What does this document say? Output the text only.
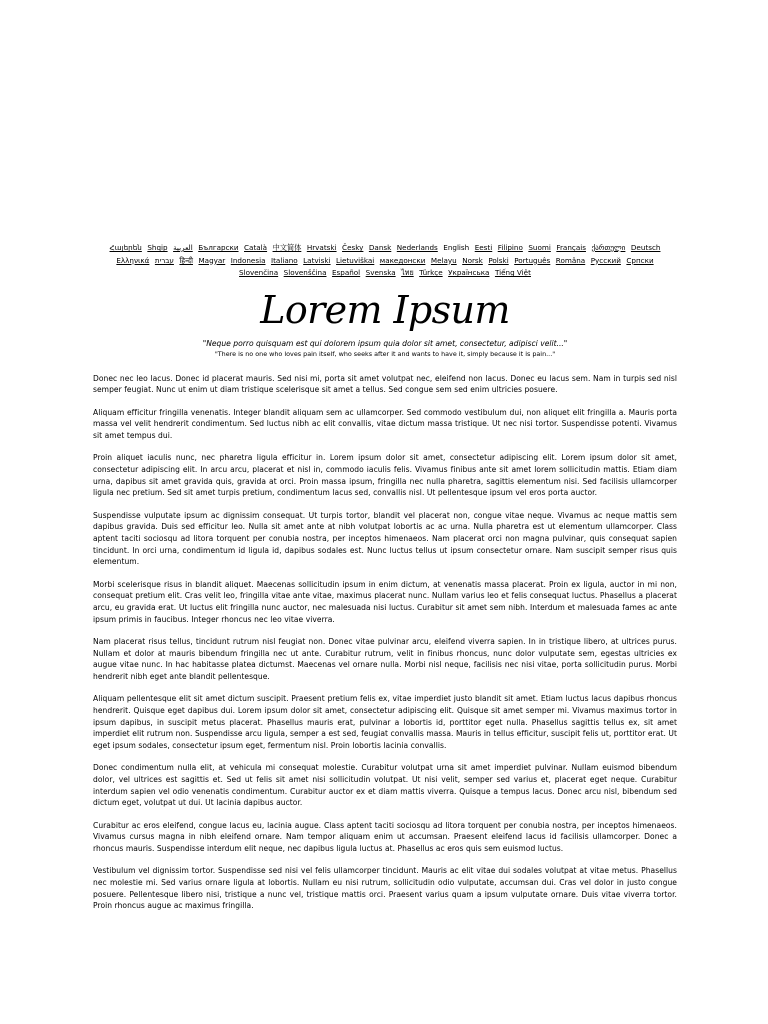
Հայերեն Shqip العربية Български Català 中文简体 Hrvatski Česky Dansk Nederlands English Eesti Filipino Suomi Français ქართული Deutsch Ελληνικά עברית हिन्दी Magyar Indonesia Italiano Latviski Lietuviškai македонски Melayu Norsk Polski Português Româna Pyccкий Српски Slovenčina Slovenščina Español Svenska ไทย Türkçe Українська Tiếng Việt

Lorem Ipsum

"Neque porro quisquam est qui dolorem ipsum quia dolor sit amet, consectetur, adipisci velit..."

"There is no one who loves pain itself, who seeks after it and wants to have it, simply because it is pain..."

Donec nec leo lacus. Donec id placerat mauris. Sed nisi mi, porta sit amet volutpat nec, eleifend non lacus. Donec eu lacus sem. Nam in turpis sed nisl semper feugiat. Nunc ut enim ut diam tristique scelerisque sit amet a tellus. Sed congue sem sed enim ultricies posuere.

Aliquam efficitur fringilla venenatis. Integer blandit aliquam sem ac ullamcorper. Sed commodo vestibulum dui, non aliquet elit fringilla a. Mauris porta massa vel velit hendrerit condimentum. Sed luctus nibh ac elit convallis, vitae dictum massa tristique. Ut nec nisi tortor. Suspendisse potenti. Vivamus sit amet tempus dui.

Proin aliquet iaculis nunc, nec pharetra ligula efficitur in. Lorem ipsum dolor sit amet, consectetur adipiscing elit. Lorem ipsum dolor sit amet, consectetur adipiscing elit. In arcu arcu, placerat et nisl in, commodo iaculis felis. Vivamus finibus ante sit amet lorem sollicitudin mattis. Etiam diam urna, dapibus sit amet gravida quis, gravida at orci. Proin massa ipsum, fringilla nec nulla pharetra, sagittis elementum nisi. Sed facilisis ullamcorper ligula nec pretium. Sed sit amet turpis pretium, condimentum lacus sed, convallis nisl. Ut pellentesque ipsum vel eros porta auctor.

Suspendisse vulputate ipsum ac dignissim consequat. Ut turpis tortor, blandit vel placerat non, congue vitae neque. Vivamus ac neque mattis sem dapibus gravida. Duis sed efficitur leo. Nulla sit amet ante at nibh volutpat lobortis ac ac urna. Nulla pharetra est ut elementum ullamcorper. Class aptent taciti sociosqu ad litora torquent per conubia nostra, per inceptos himenaeos. Nam placerat orci non magna pulvinar, quis consequat sapien tincidunt. In orci urna, condimentum id ligula id, dapibus sodales est. Nunc luctus tellus ut ipsum consectetur ornare. Nam suscipit semper risus quis elementum.

Morbi scelerisque risus in blandit aliquet. Maecenas sollicitudin ipsum in enim dictum, at venenatis massa placerat. Proin ex ligula, auctor in mi non, consequat pretium elit. Cras velit leo, fringilla vitae ante vitae, maximus placerat nunc. Nullam varius leo et felis consequat luctus. Phasellus a placerat arcu, eu gravida erat. Ut luctus elit fringilla nunc auctor, nec malesuada nisi luctus. Curabitur sit amet sem nibh. Interdum et malesuada fames ac ante ipsum primis in faucibus. Integer rhoncus nec leo vitae viverra.

Nam placerat risus tellus, tincidunt rutrum nisl feugiat non. Donec vitae pulvinar arcu, eleifend viverra sapien. In in tristique libero, at ultrices purus. Nullam et dolor at mauris bibendum fringilla nec ut ante. Curabitur rutrum, velit in finibus rhoncus, nunc dolor vulputate sem, egestas ultricies ex augue vitae nunc. In hac habitasse platea dictumst. Maecenas vel ornare nulla. Morbi nisl neque, facilisis nec nisi vitae, porta sollicitudin purus. Morbi hendrerit nibh eget ante blandit pellentesque.

Aliquam pellentesque elit sit amet dictum suscipit. Praesent pretium felis ex, vitae imperdiet justo blandit sit amet. Etiam luctus lacus dapibus rhoncus hendrerit. Quisque eget dapibus dui. Lorem ipsum dolor sit amet, consectetur adipiscing elit. Quisque sit amet semper mi. Vivamus maximus tortor in ipsum dapibus, in suscipit metus placerat. Phasellus mauris erat, pulvinar a lobortis id, porttitor eget nulla. Phasellus sagittis tellus ex, sit amet imperdiet elit rutrum non. Suspendisse arcu ligula, semper a est sed, feugiat convallis massa. Mauris in tellus efficitur, suscipit felis ut, porttitor erat. Ut eget ipsum sodales, consectetur ipsum eget, fermentum nisl. Proin lobortis lacinia convallis.

Donec condimentum nulla elit, at vehicula mi consequat molestie. Curabitur volutpat urna sit amet imperdiet pulvinar. Nullam euismod bibendum dolor, vel ultrices est sagittis et. Sed ut felis sit amet nisi sollicitudin volutpat. Ut nisi velit, semper sed varius et, placerat eget neque. Curabitur interdum sapien vel odio venenatis condimentum. Curabitur auctor ex et diam mattis viverra. Quisque a tempus lacus. Donec arcu nisl, bibendum sed dictum eget, volutpat ut dui. Ut lacinia dapibus auctor.

Curabitur ac eros eleifend, congue lacus eu, lacinia augue. Class aptent taciti sociosqu ad litora torquent per conubia nostra, per inceptos himenaeos. Vivamus cursus magna in nibh eleifend ornare. Nam tempor aliquam enim ut accumsan. Praesent eleifend lacus id facilisis ullamcorper. Donec a rhoncus mauris. Suspendisse interdum elit neque, nec dapibus ligula luctus at. Phasellus ac eros quis sem euismod luctus.

Vestibulum vel dignissim tortor. Suspendisse sed nisi vel felis ullamcorper tincidunt. Mauris ac elit vitae dui sodales volutpat at vitae metus. Phasellus nec molestie mi. Sed varius ornare ligula at lobortis. Nullam eu nisi rutrum, sollicitudin odio vulputate, accumsan dui. Cras vel dolor in justo congue posuere. Pellentesque libero nisi, tristique a nunc vel, tristique mattis orci. Praesent varius quam a ipsum vulputate ornare. Duis vitae viverra tortor. Proin rhoncus augue ac maximus fringilla.
